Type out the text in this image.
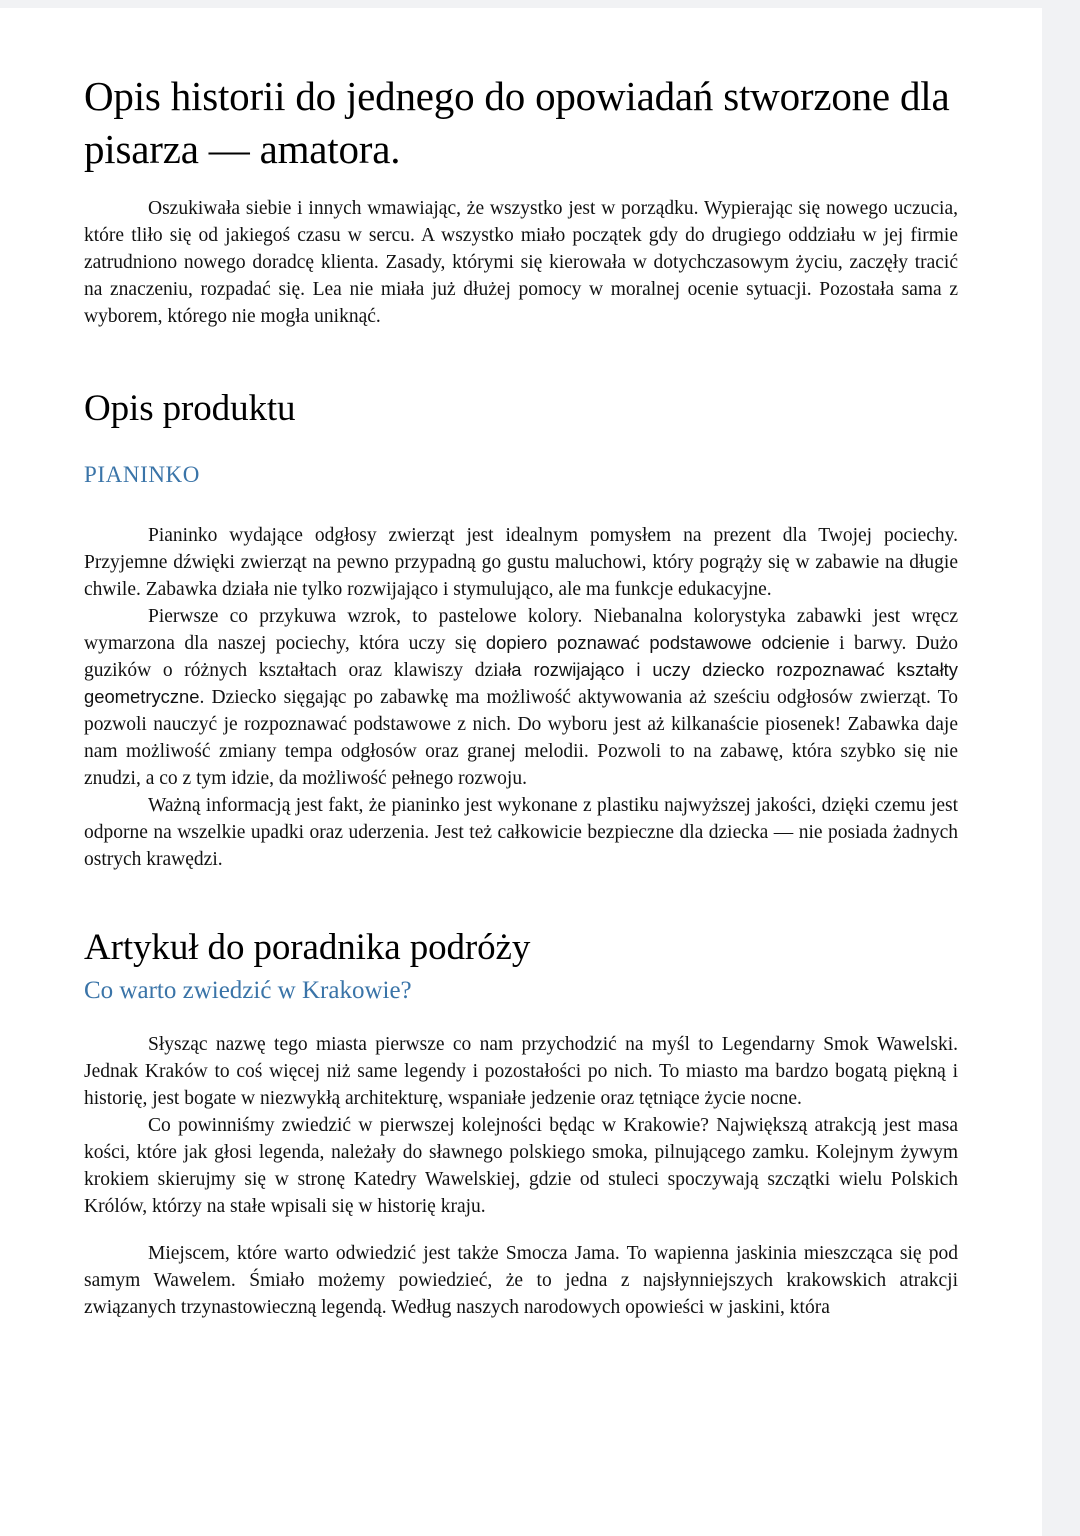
Opis historii do jednego do opowiadań stworzone dla pisarza — amatora.

Oszukiwała siebie i innych wmawiając, że wszystko jest w porządku. Wypierając się nowego uczucia, które tliło się od jakiegoś czasu w sercu. A wszystko miało początek gdy do drugiego oddziału w jej firmie zatrudniono nowego doradcę klienta. Zasady, którymi się kierowała w dotychczasowym życiu, zaczęły tracić na znaczeniu, rozpadać się. Lea nie miała już dłużej pomocy w moralnej ocenie sytuacji. Pozostała sama z wyborem, którego nie mogła uniknąć.

Opis produktu
PIANINKO

Pianinko wydające odgłosy zwierząt jest idealnym pomysłem na prezent dla Twojej pociechy. Przyjemne dźwięki zwierząt na pewno przypadną go gustu maluchowi, który pogrąży się w zabawie na długie chwile. Zabawka działa nie tylko rozwijająco i stymulująco, ale ma funkcje edukacyjne.

Pierwsze co przykuwa wzrok, to pastelowe kolory. Niebanalna kolorystyka zabawki jest wręcz wymarzona dla naszej pociechy, która uczy się dopiero poznawać podstawowe odcienie i barwy. Dużo guzików o różnych kształtach oraz klawiszy działa rozwijająco i uczy dziecko rozpoznawać kształty geometryczne. Dziecko sięgając po zabawkę ma możliwość aktywowania aż sześciu odgłosów zwierząt. To pozwoli nauczyć je rozpoznawać podstawowe z nich. Do wyboru jest aż kilkanaście piosenek! Zabawka daje nam możliwość zmiany tempa odgłosów oraz granej melodii. Pozwoli to na zabawę, która szybko się nie znudzi, a co z tym idzie, da możliwość pełnego rozwoju.

Ważną informacją jest fakt, że pianinko jest wykonane z plastiku najwyższej jakości, dzięki czemu jest odporne na wszelkie upadki oraz uderzenia. Jest też całkowicie bezpieczne dla dziecka — nie posiada żadnych ostrych krawędzi.

Artykuł do poradnika podróży
Co warto zwiedzić w Krakowie?

Słysząc nazwę tego miasta pierwsze co nam przychodzić na myśl to Legendarny Smok Wawelski. Jednak Kraków to coś więcej niż same legendy i pozostałości po nich. To miasto ma bardzo bogatą piękną i historię, jest bogate w niezwykłą architekturę, wspaniałe jedzenie oraz tętniące życie nocne.

Co powinniśmy zwiedzić w pierwszej kolejności będąc w Krakowie? Największą atrakcją jest masa kości, które jak głosi legenda, należały do sławnego polskiego smoka, pilnującego zamku. Kolejnym żywym krokiem skierujmy się w stronę Katedry Wawelskiej, gdzie od stuleci spoczywają szczątki wielu Polskich Królów, którzy na stałe wpisali się w historię kraju.

Miejscem, które warto odwiedzić jest także Smocza Jama. To wapienna jaskinia mieszcząca się pod samym Wawelem. Śmiało możemy powiedzieć, że to jedna z najsłynniejszych krakowskich atrakcji związanych trzynastowieczną legendą. Według naszych narodowych opowieści w jaskini, która
